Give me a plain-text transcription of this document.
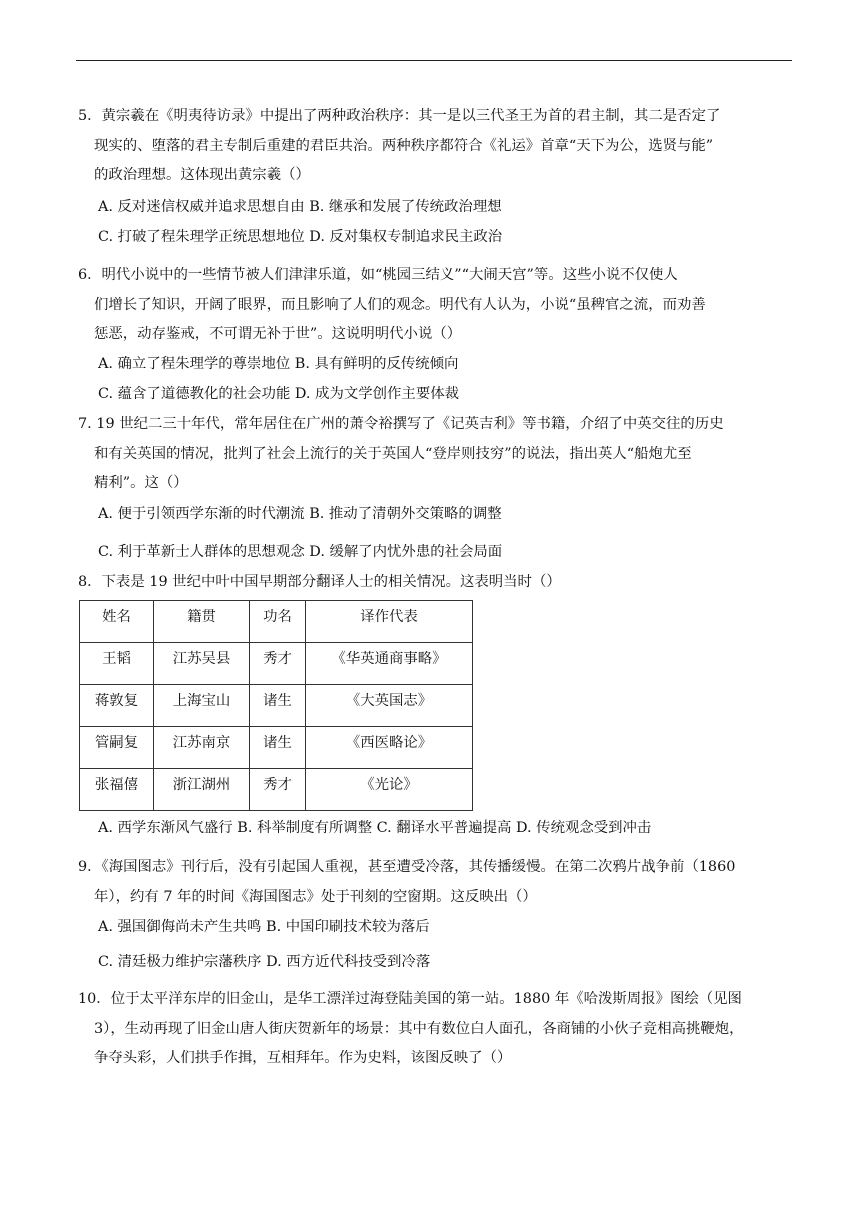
5．黄宗羲在《明夷待访录》中提出了两种政治秩序：其一是以三代圣王为首的君主制，其二是否定了
现实的、堕落的君主专制后重建的君臣共治。两种秩序都符合《礼运》首章“天下为公，选贤与能”
的政治理想。这体现出黄宗羲（）
A. 反对迷信权威并追求思想自由 B. 继承和发展了传统政治理想
C. 打破了程朱理学正统思想地位 D. 反对集权专制追求民主政治
6．明代小说中的一些情节被人们津津乐道，如“桃园三结义”“大闹天宫”等。这些小说不仅使人
们增长了知识，开阔了眼界，而且影响了人们的观念。明代有人认为，小说“虽稗官之流，而劝善
惩恶，动存鉴戒，不可谓无补于世”。这说明明代小说（）
A. 确立了程朱理学的尊崇地位 B. 具有鲜明的反传统倾向
C. 蕴含了道德教化的社会功能 D. 成为文学创作主要体裁
7. 19 世纪二三十年代，常年居住在广州的萧令裕撰写了《记英吉利》等书籍，介绍了中英交往的历史
和有关英国的情况，批判了社会上流行的关于英国人“登岸则技穷”的说法，指出英人“船炮尤至
精利”。这（）
A. 便于引领西学东渐的时代潮流 B. 推动了清朝外交策略的调整
C. 利于革新士人群体的思想观念 D. 缓解了内忧外患的社会局面
8．下表是 19 世纪中叶中国早期部分翻译人士的相关情况。这表明当时（）
姓名	籍贯	功名	译作代表
王韬	江苏吴县	秀才	《华英通商事略》
蒋敦复	上海宝山	诸生	《大英国志》
管嗣复	江苏南京	诸生	《西医略论》
张福僖	浙江湖州	秀才	《光论》
A. 西学东渐风气盛行 B. 科举制度有所调整 C. 翻译水平普遍提高 D. 传统观念受到冲击
9．《海国图志》刊行后，没有引起国人重视，甚至遭受冷落，其传播缓慢。在第二次鸦片战争前（1860
年），约有 7 年的时间《海国图志》处于刊刻的空窗期。这反映出（）
A. 强国御侮尚未产生共鸣 B. 中国印刷技术较为落后
C. 清廷极力维护宗藩秩序 D. 西方近代科技受到冷落
10．位于太平洋东岸的旧金山，是华工漂洋过海登陆美国的第一站。1880 年《哈泼斯周报》图绘（见图
3），生动再现了旧金山唐人街庆贺新年的场景：其中有数位白人面孔，各商铺的小伙子竞相高挑鞭炮，
争夺头彩，人们拱手作揖，互相拜年。作为史料，该图反映了（）
